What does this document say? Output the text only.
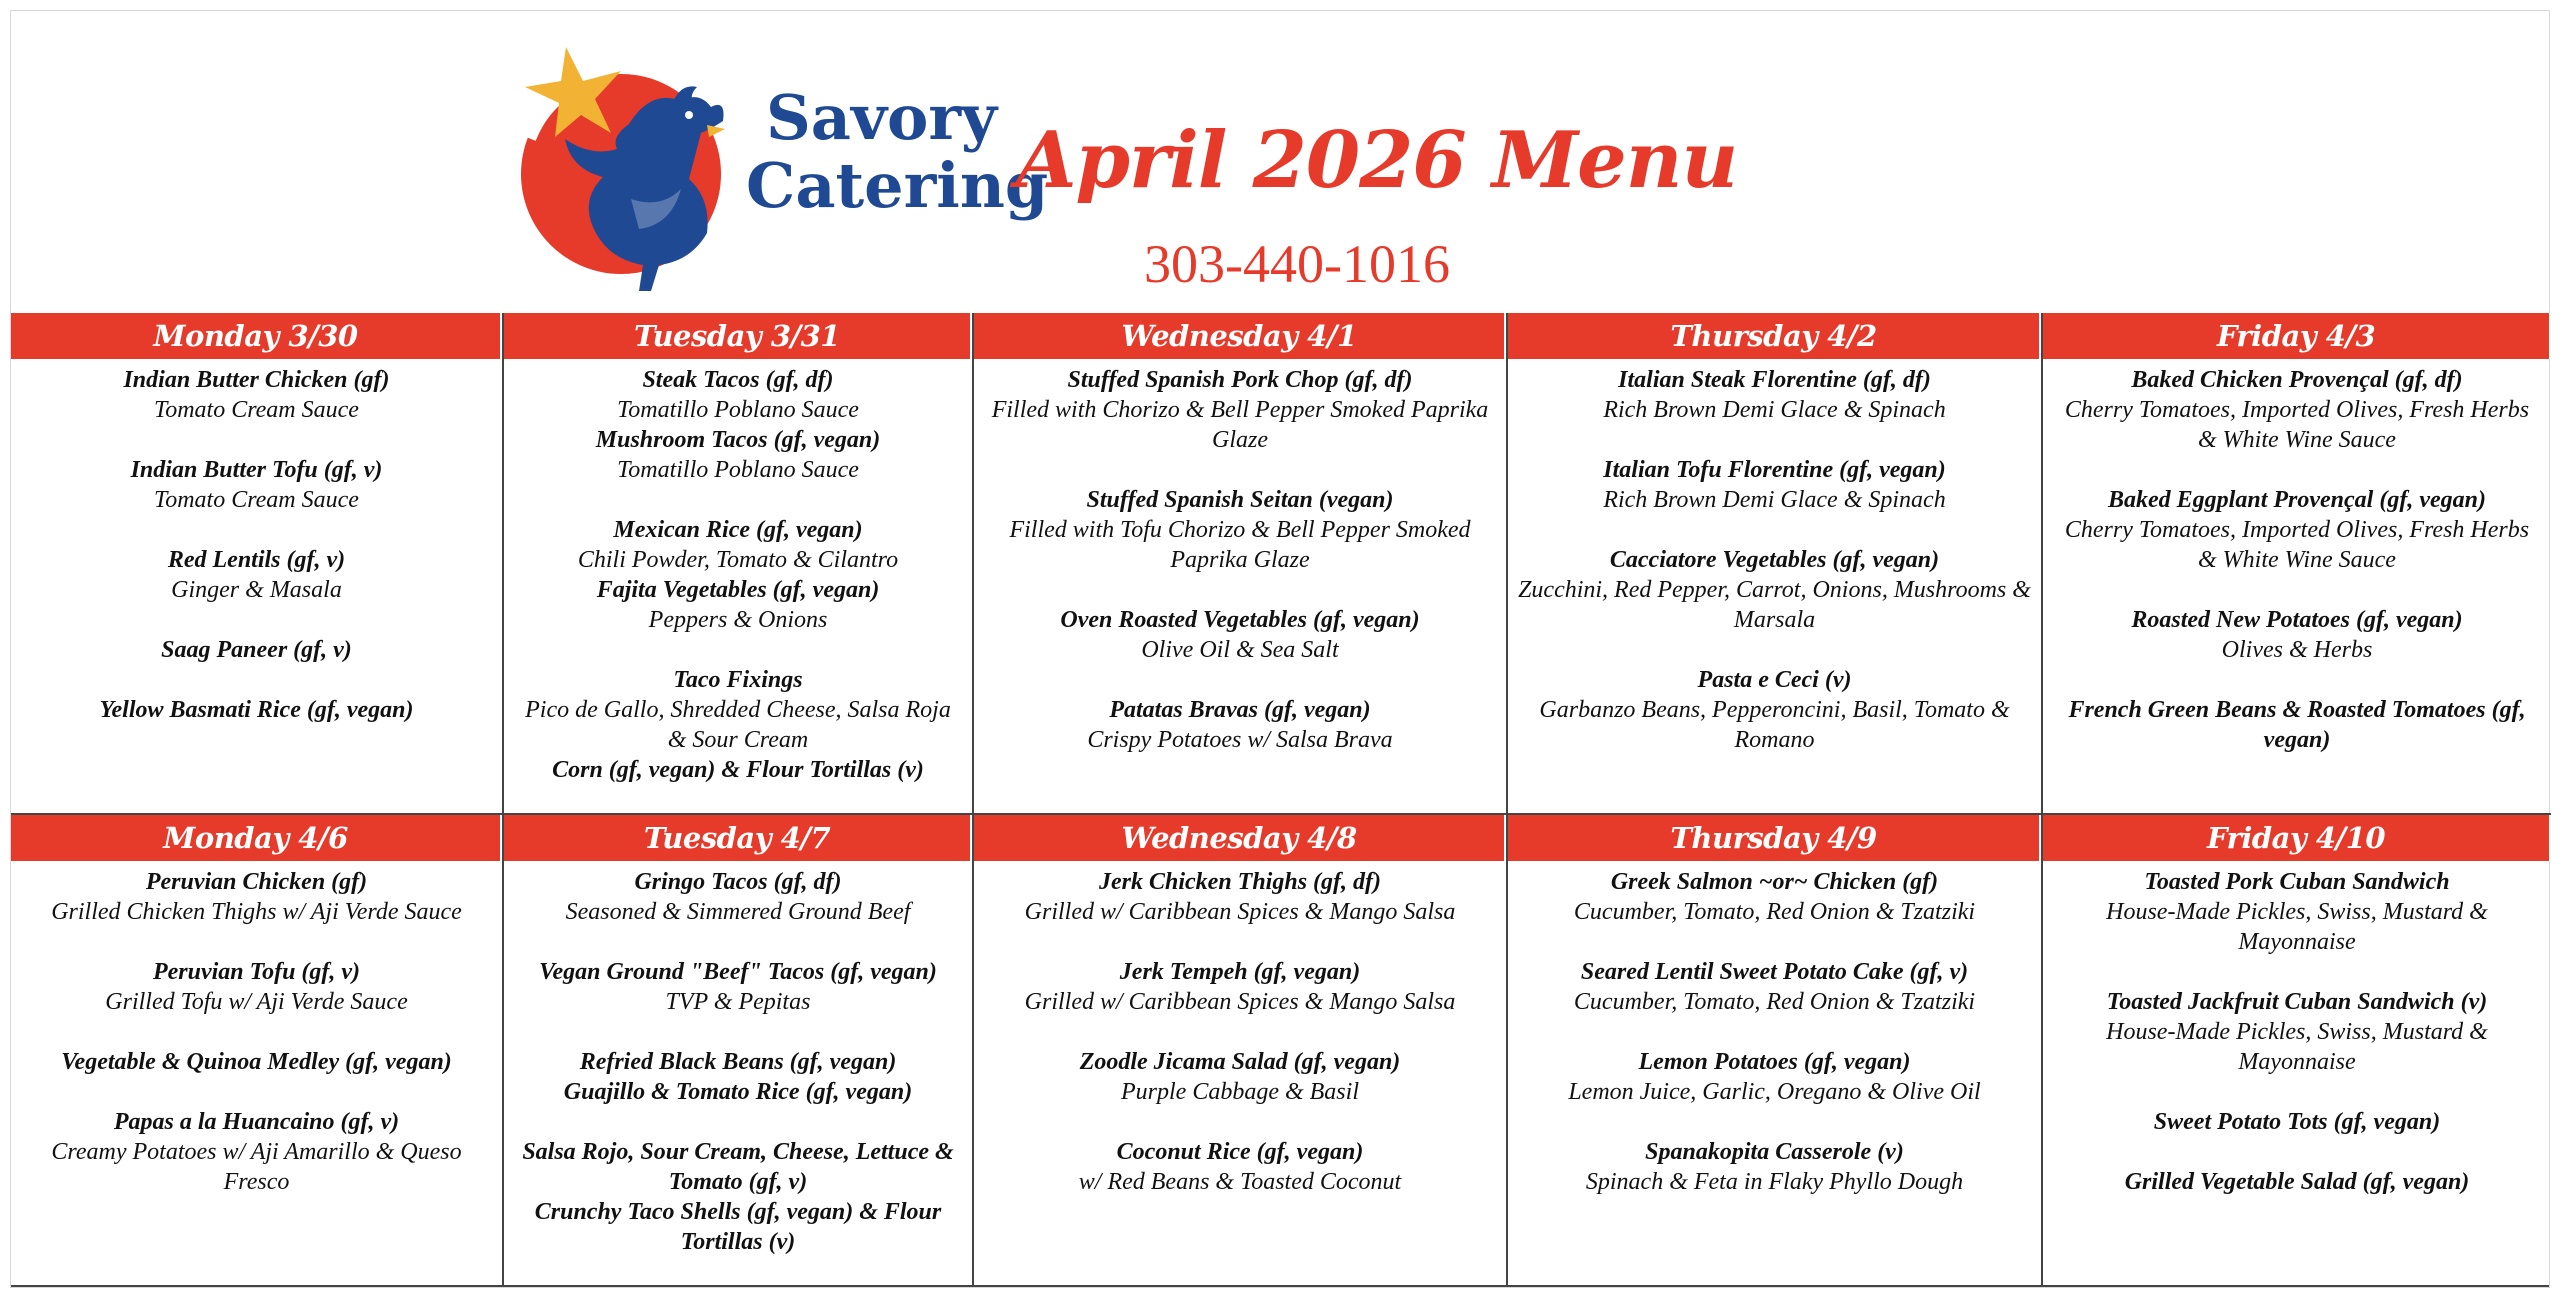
Savory
Catering
April 2026 Menu
303-440-1016
Monday 3/30
Indian Butter Chicken (gf)
Tomato Cream Sauce
Indian Butter Tofu (gf, v)
Tomato Cream Sauce
Red Lentils (gf, v)
Ginger & Masala
Saag Paneer (gf, v)
Yellow Basmati Rice (gf, vegan)
Tuesday 3/31
Steak Tacos (gf, df)
Tomatillo Poblano Sauce
Mushroom Tacos (gf, vegan)
Tomatillo Poblano Sauce
Mexican Rice (gf, vegan)
Chili Powder, Tomato & Cilantro
Fajita Vegetables (gf, vegan)
Peppers & Onions
Taco Fixings
Pico de Gallo, Shredded Cheese, Salsa Roja & Sour Cream
Corn (gf, vegan) & Flour Tortillas (v)
Wednesday 4/1
Stuffed Spanish Pork Chop (gf, df)
Filled with Chorizo & Bell Pepper Smoked Paprika Glaze
Stuffed Spanish Seitan (vegan)
Filled with Tofu Chorizo & Bell Pepper Smoked Paprika Glaze
Oven Roasted Vegetables (gf, vegan)
Olive Oil & Sea Salt
Patatas Bravas (gf, vegan)
Crispy Potatoes w/ Salsa Brava
Thursday 4/2
Italian Steak Florentine (gf, df)
Rich Brown Demi Glace & Spinach
Italian Tofu Florentine (gf, vegan)
Rich Brown Demi Glace & Spinach
Cacciatore Vegetables (gf, vegan)
Zucchini, Red Pepper, Carrot, Onions, Mushrooms & Marsala
Pasta e Ceci (v)
Garbanzo Beans, Pepperoncini, Basil, Tomato & Romano
Friday 4/3
Baked Chicken Provençal (gf, df)
Cherry Tomatoes, Imported Olives, Fresh Herbs & White Wine Sauce
Baked Eggplant Provençal (gf, vegan)
Cherry Tomatoes, Imported Olives, Fresh Herbs & White Wine Sauce
Roasted New Potatoes (gf, vegan)
Olives & Herbs
French Green Beans & Roasted Tomatoes (gf, vegan)
Monday 4/6
Peruvian Chicken (gf)
Grilled Chicken Thighs w/ Aji Verde Sauce
Peruvian Tofu (gf, v)
Grilled Tofu w/ Aji Verde Sauce
Vegetable & Quinoa Medley (gf, vegan)
Papas a la Huancaino (gf, v)
Creamy Potatoes w/ Aji Amarillo & Queso Fresco
Tuesday 4/7
Gringo Tacos (gf, df)
Seasoned & Simmered Ground Beef
Vegan Ground "Beef" Tacos (gf, vegan)
TVP & Pepitas
Refried Black Beans (gf, vegan)
Guajillo & Tomato Rice (gf, vegan)
Salsa Rojo, Sour Cream, Cheese, Lettuce & Tomato (gf, v)
Crunchy Taco Shells (gf, vegan) & Flour Tortillas (v)
Wednesday 4/8
Jerk Chicken Thighs (gf, df)
Grilled w/ Caribbean Spices & Mango Salsa
Jerk Tempeh (gf, vegan)
Grilled w/ Caribbean Spices & Mango Salsa
Zoodle Jicama Salad (gf, vegan)
Purple Cabbage & Basil
Coconut Rice (gf, vegan)
w/ Red Beans & Toasted Coconut
Thursday 4/9
Greek Salmon ~or~ Chicken (gf)
Cucumber, Tomato, Red Onion & Tzatziki
Seared Lentil Sweet Potato Cake (gf, v)
Cucumber, Tomato, Red Onion & Tzatziki
Lemon Potatoes (gf, vegan)
Lemon Juice, Garlic, Oregano & Olive Oil
Spanakopita Casserole (v)
Spinach & Feta in Flaky Phyllo Dough
Friday 4/10
Toasted Pork Cuban Sandwich
House-Made Pickles, Swiss, Mustard & Mayonnaise
Toasted Jackfruit Cuban Sandwich (v)
House-Made Pickles, Swiss, Mustard & Mayonnaise
Sweet Potato Tots (gf, vegan)
Grilled Vegetable Salad (gf, vegan)
